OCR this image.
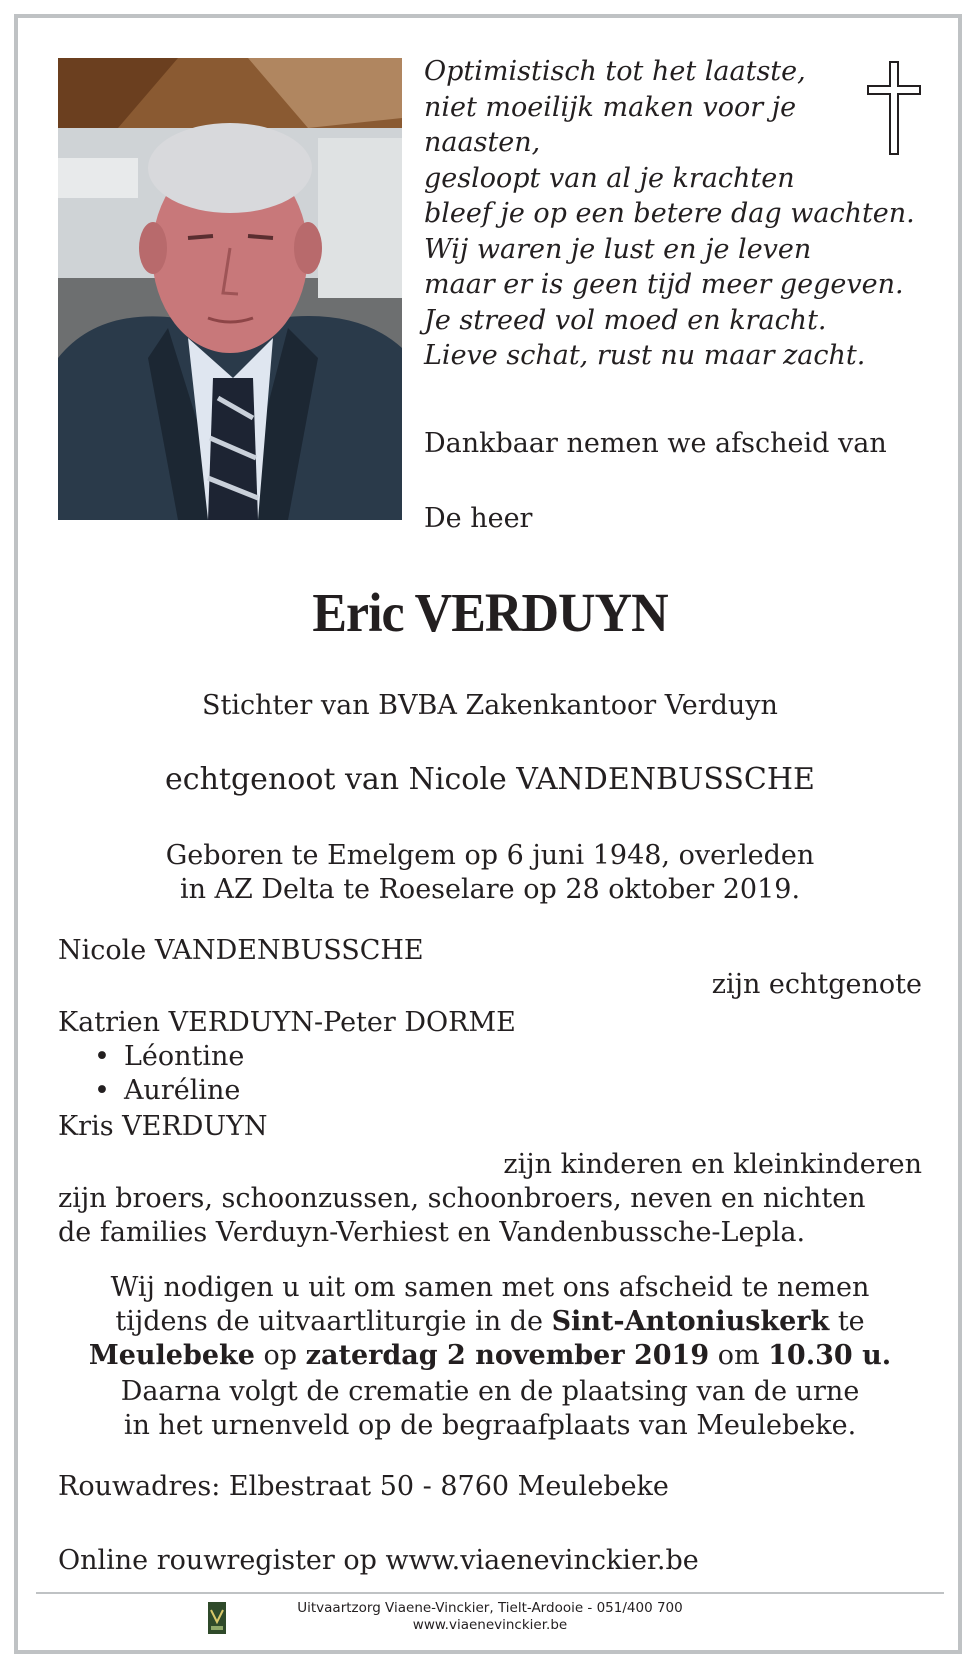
Optimistisch tot het laatste,
niet moeilijk maken voor je
naasten,
gesloopt van al je krachten
bleef je op een betere dag wachten.
Wij waren je lust en je leven
maar er is geen tijd meer gegeven.
Je streed vol moed en kracht.
Lieve schat, rust nu maar zacht.
Dankbaar nemen we afscheid van
De heer
Eric VERDUYN
Stichter van BVBA Zakenkantoor Verduyn
echtgenoot van Nicole VANDENBUSSCHE
Geboren te Emelgem op 6 juni 1948, overleden
in AZ Delta te Roeselare op 28 oktober 2019.
Nicole VANDENBUSSCHE
zijn echtgenote
Katrien VERDUYN-Peter DORME
• Léontine
• Auréline
Kris VERDUYN
zijn kinderen en kleinkinderen
zijn broers, schoonzussen, schoonbroers, neven en nichten
de families Verduyn-Verhiest en Vandenbussche-Lepla.
Wij nodigen u uit om samen met ons afscheid te nemen
tijdens de uitvaartliturgie in de Sint-Antoniuskerk te
Meulebeke op zaterdag 2 november 2019 om 10.30 u.
Daarna volgt de crematie en de plaatsing van de urne
in het urnenveld op de begraafplaats van Meulebeke.
Rouwadres: Elbestraat 50 - 8760 Meulebeke
Online rouwregister op www.viaenevinckier.be
Uitvaartzorg Viaene-Vinckier, Tielt-Ardooie - 051/400 700
www.viaenevinckier.be
